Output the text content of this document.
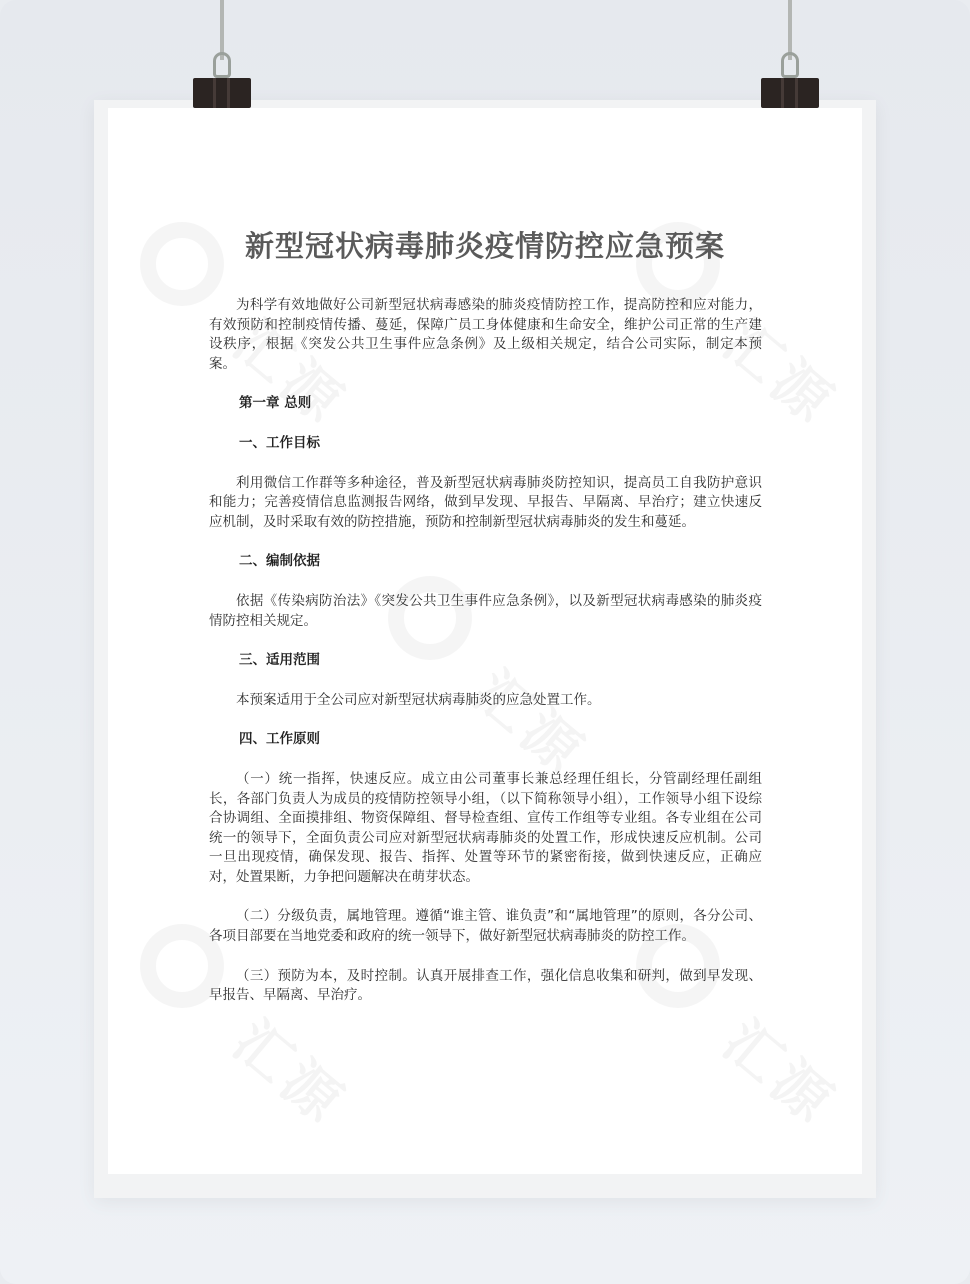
新型冠状病毒肺炎疫情防控应急预案

为科学有效地做好公司新型冠状病毒感染的肺炎疫情防控工作，提高防控和应对能力，有效预防和控制疫情传播、蔓延，保障广员工身体健康和生命安全，维护公司正常的生产建设秩序，根据《突发公共卫生事件应急条例》及上级相关规定，结合公司实际，制定本预案。

第一章 总则

一、工作目标

利用微信工作群等多种途径，普及新型冠状病毒肺炎防控知识，提高员工自我防护意识和能力；完善疫情信息监测报告网络，做到早发现、早报告、早隔离、早治疗；建立快速反应机制，及时采取有效的防控措施，预防和控制新型冠状病毒肺炎的发生和蔓延。

二、编制依据

依据《传染病防治法》《突发公共卫生事件应急条例》，以及新型冠状病毒感染的肺炎疫情防控相关规定。

三、适用范围

本预案适用于全公司应对新型冠状病毒肺炎的应急处置工作。

四、工作原则

（一）统一指挥，快速反应。成立由公司董事长兼总经理任组长，分管副经理任副组长，各部门负责人为成员的疫情防控领导小组，（以下简称领导小组），工作领导小组下设综合协调组、全面摸排组、物资保障组、督导检查组、宣传工作组等专业组。各专业组在公司统一的领导下，全面负责公司应对新型冠状病毒肺炎的处置工作，形成快速反应机制。公司一旦出现疫情，确保发现、报告、指挥、处置等环节的紧密衔接，做到快速反应，正确应对，处置果断，力争把问题解决在萌芽状态。

（二）分级负责，属地管理。遵循“谁主管、谁负责”和“属地管理”的原则，各分公司、各项目部要在当地党委和政府的统一领导下，做好新型冠状病毒肺炎的防控工作。

（三）预防为本，及时控制。认真开展排查工作，强化信息收集和研判，做到早发现、早报告、早隔离、早治疗。
